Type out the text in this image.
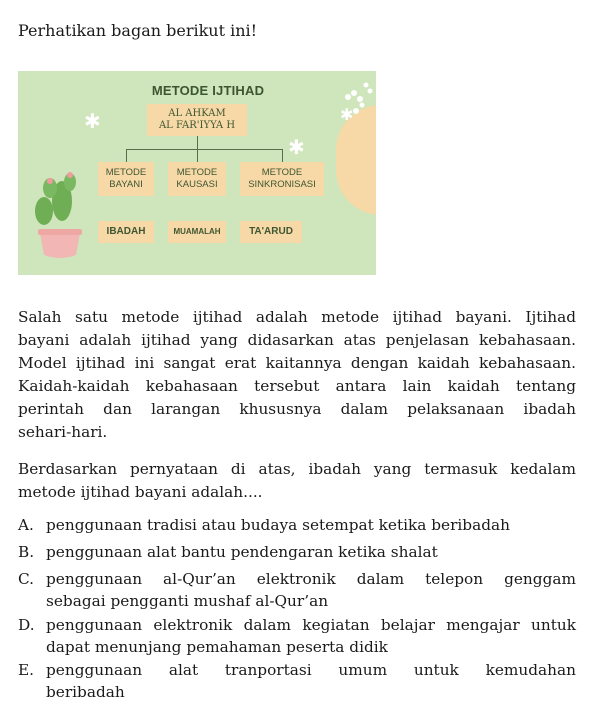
Perhatikan bagan berikut ini!
METODE IJTIHAD
✱
✱
✱
AL AHKAM
AL FAR'IYYA H
METODE
BAYANI
METODE
KAUSASI
METODE
SINKRONISASI
IBADAH	MUAMALAH	TA'ARUD
Salah satu metode ijtihad adalah metode ijtihad bayani. Ijtihad
bayani adalah ijtihad yang didasarkan atas penjelasan kebahasaan.
Model ijtihad ini sangat erat kaitannya dengan kaidah kebahasaan.
Kaidah-kaidah kebahasaan tersebut antara lain kaidah tentang
perintah dan larangan khususnya dalam pelaksanaan ibadah
sehari-hari.
Berdasarkan pernyataan di atas, ibadah yang termasuk kedalam
metode ijtihad bayani adalah....
A. penggunaan tradisi atau budaya setempat ketika beribadah
B. penggunaan alat bantu pendengaran ketika shalat
C. penggunaan al-Qur’an elektronik dalam telepon genggam
sebagai pengganti mushaf al-Qur’an
D. penggunaan elektronik dalam kegiatan belajar mengajar untuk
dapat menunjang pemahaman peserta didik
E. penggunaan alat tranportasi umum untuk kemudahan
beribadah
